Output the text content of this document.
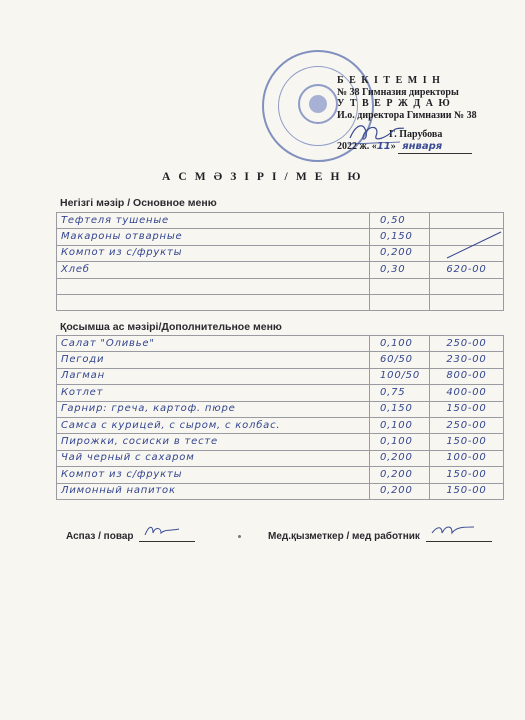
Б Е К І Т Е М І Н
№ 38 Гимназия директоры
У Т В Е Р Ж Д А Ю
И.о. директора Гимназии № 38
Г. Парубова
2022 ж. «11» января
А С М Ә З І Р І / М Е Н Ю
Негізгі мәзір / Основное меню
Тефтеля тушеные	0,50	
Макароны отварные	0,150	
Компот из с/фрукты	0,200	
Хлеб	0,30	620-00

Қосымша ас мәзірі/Дополнительное меню
Салат "Оливье"	0,100	250-00
Пегоди	60/50	230-00
Лагман	100/50	800-00
Котлет	0,75	400-00
Гарнир: греча, картоф. пюре	0,150	150-00
Самса с курицей, с сыром, с колбас.	0,100	250-00
Пирожки, сосиски в тесте	0,100	150-00
Чай черный с сахаром	0,200	100-00
Компот из с/фрукты	0,200	150-00
Лимонный напиток	0,200	150-00
Аспаз / повар	Мед.қызметкер / мед работник
